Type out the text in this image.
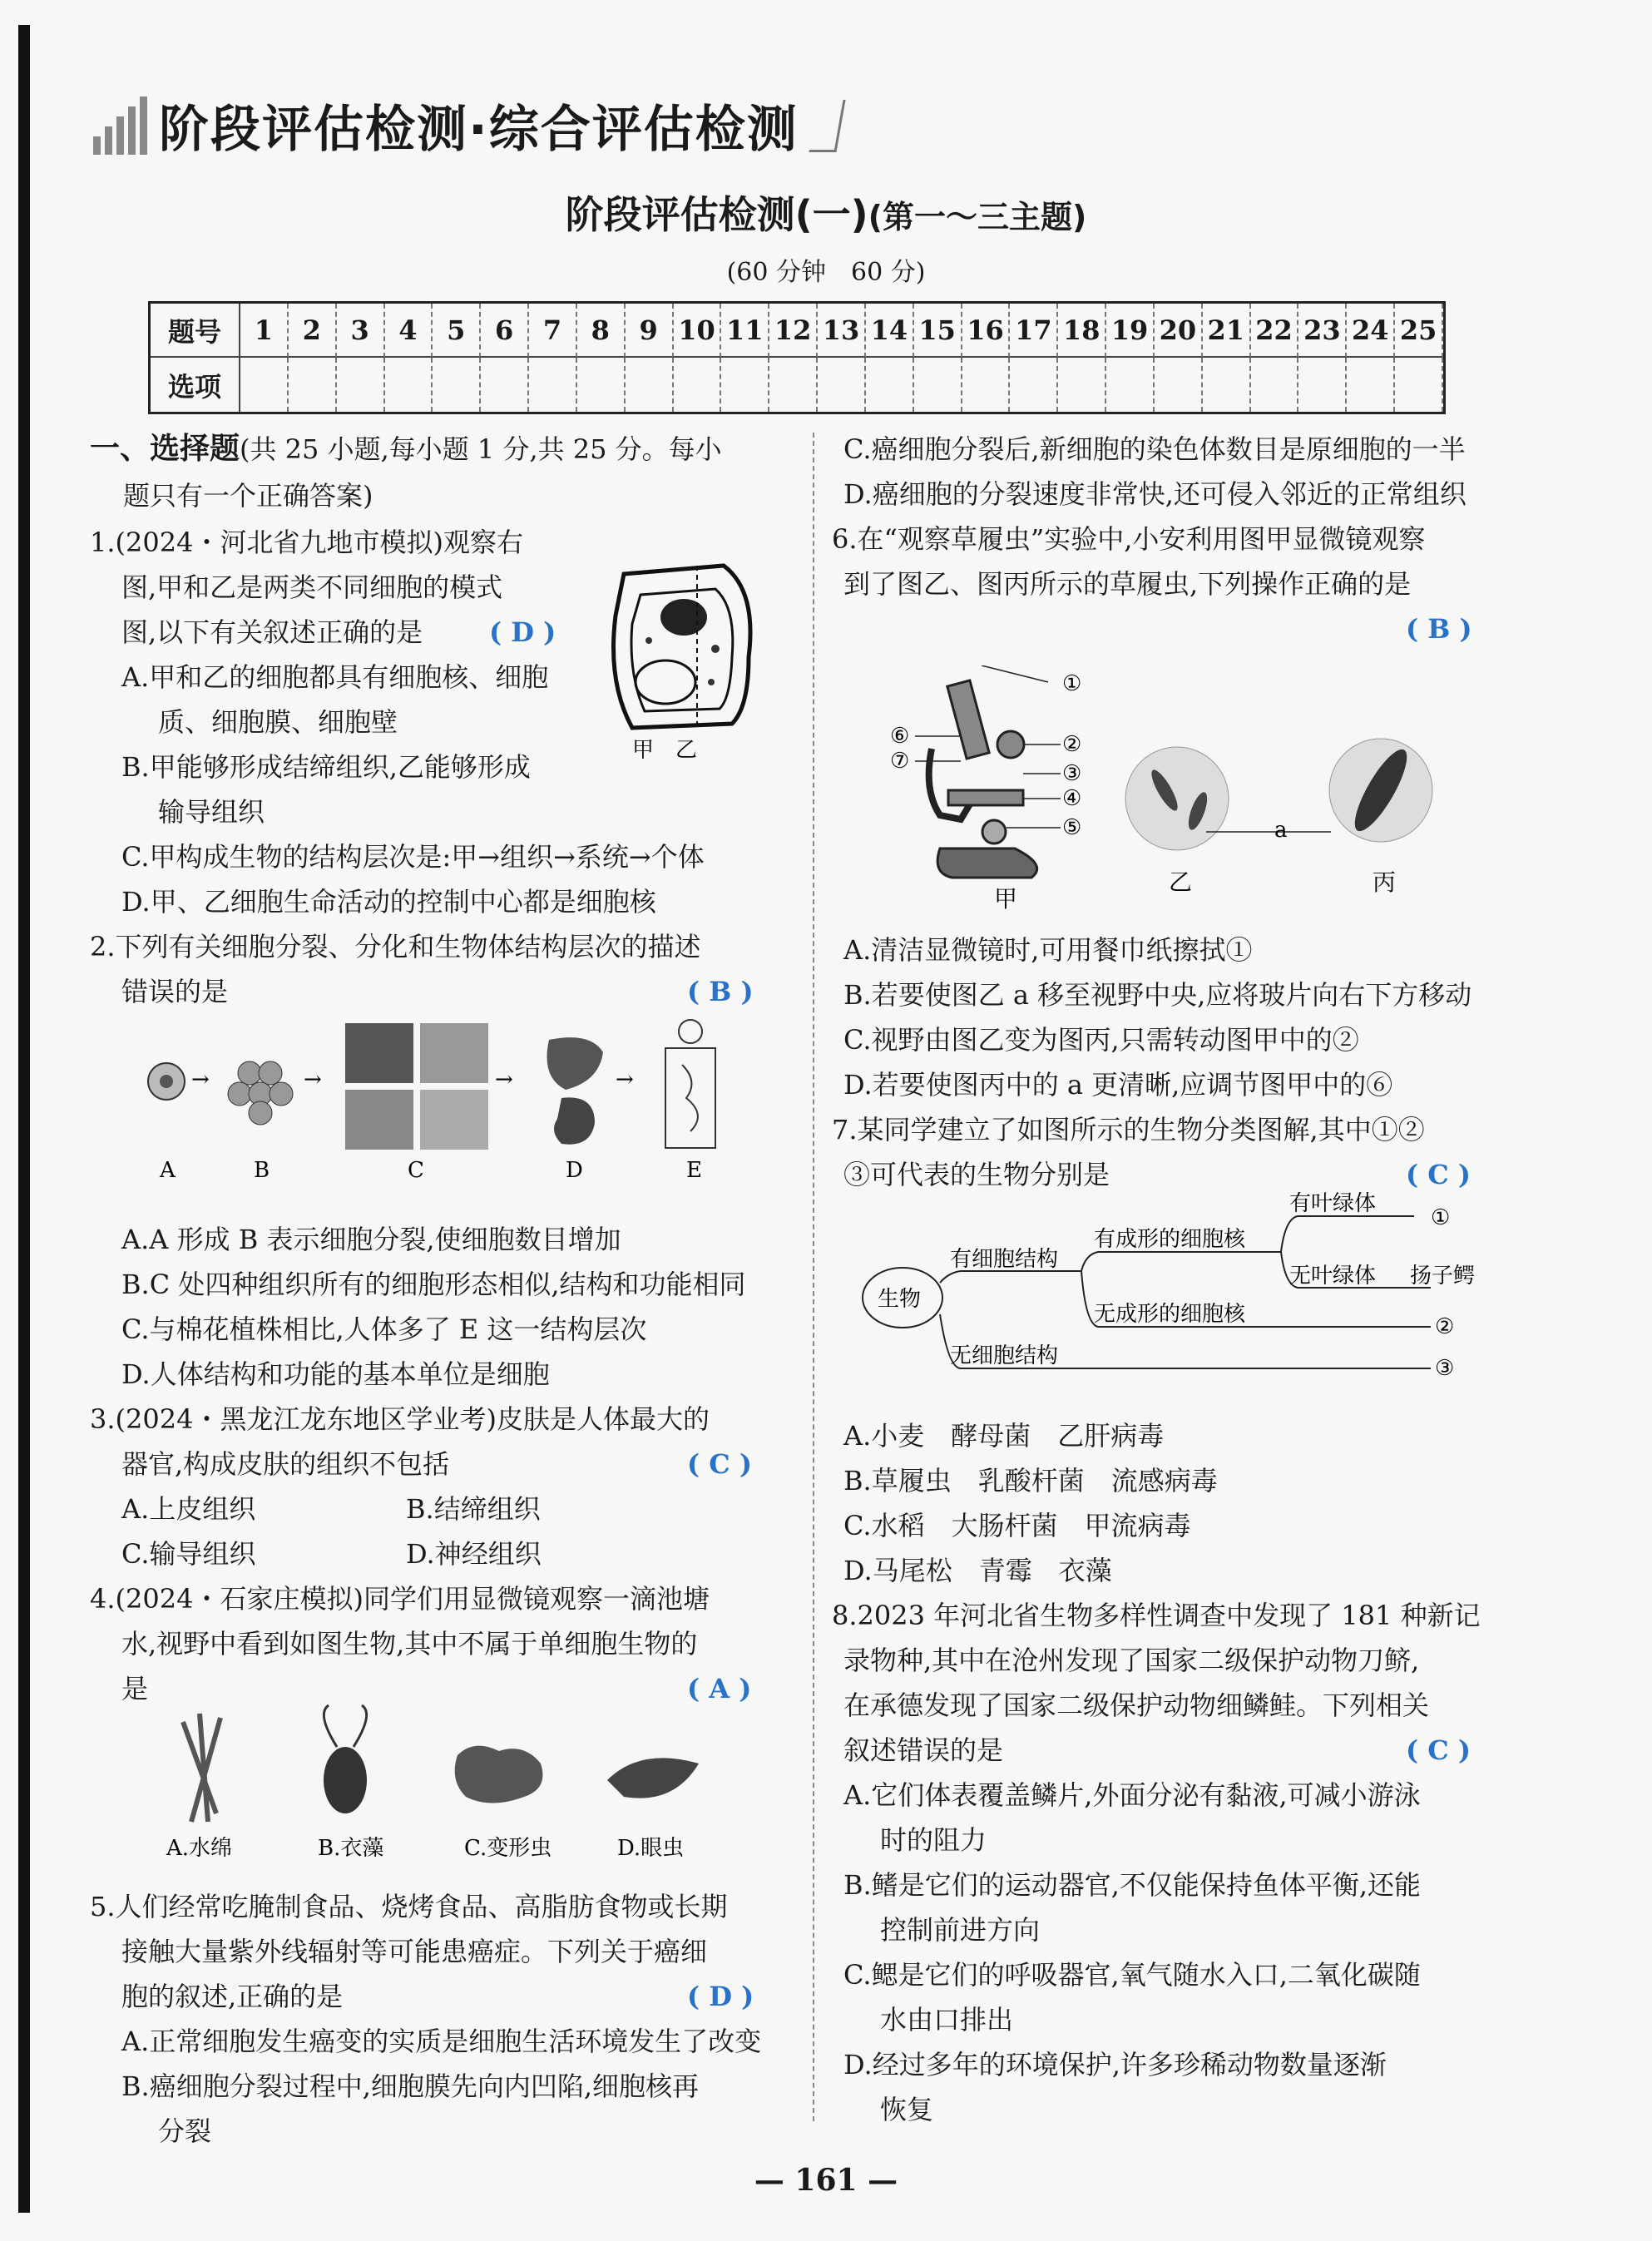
阶段评估检测·综合评估检测
阶段评估检测(一)(第一～三主题)
(60 分钟　60 分)
题号	1	2	3	4	5	6	7	8	9 10 11 12 13 14 15 16 17 18 19 20 21 22 23 24 25
选项
一、选择题(共 25 小题,每小题 1 分,共 25 分。每小
题只有一个正确答案)
1.(2024・河北省九地市模拟)观察右
图,甲和乙是两类不同细胞的模式
图,以下有关叙述正确的是 ( D )
A.甲和乙的细胞都具有细胞核、细胞
质、细胞膜、细胞壁
B.甲能够形成结缔组织,乙能够形成
输导组织
C.甲构成生物的结构层次是:甲→组织→系统→个体
D.甲、乙细胞生命活动的控制中心都是细胞核
2.下列有关细胞分裂、分化和生物体结构层次的描述
错误的是	( B )
A.A 形成 B 表示细胞分裂,使细胞数目增加
B.C 处四种组织所有的细胞形态相似,结构和功能相同
C.与棉花植株相比,人体多了 E 这一结构层次
D.人体结构和功能的基本单位是细胞
3.(2024・黑龙江龙东地区学业考)皮肤是人体最大的
器官,构成皮肤的组织不包括	( C )
A.上皮组织	B.结缔组织
C.输导组织	D.神经组织
4.(2024・石家庄模拟)同学们用显微镜观察一滴池塘
水,视野中看到如图生物,其中不属于单细胞生物的
是	( A )
5.人们经常吃腌制食品、烧烤食品、高脂肪食物或长期
接触大量紫外线辐射等可能患癌症。下列关于癌细
胞的叙述,正确的是	( D )
A.正常细胞发生癌变的实质是细胞生活环境发生了改变
B.癌细胞分裂过程中,细胞膜先向内凹陷,细胞核再
分裂
甲　乙
→	→	→	→
A	B	C	D	E
A.水绵	B.衣藻	C.变形虫	D.眼虫
C.癌细胞分裂后,新细胞的染色体数目是原细胞的一半
D.癌细胞的分裂速度非常快,还可侵入邻近的正常组织
6.在“观察草履虫”实验中,小安利用图甲显微镜观察
到了图乙、图丙所示的草履虫,下列操作正确的是
( B )
A.清洁显微镜时,可用餐巾纸擦拭①
B.若要使图乙 a 移至视野中央,应将玻片向右下方移动
C.视野由图乙变为图丙,只需转动图甲中的②
D.若要使图丙中的 a 更清晰,应调节图甲中的⑥
7.某同学建立了如图所示的生物分类图解,其中①②
③可代表的生物分别是	( C )
A.小麦　酵母菌　乙肝病毒
B.草履虫　乳酸杆菌　流感病毒
C.水稻　大肠杆菌　甲流病毒
D.马尾松　青霉　衣藻
8.2023 年河北省生物多样性调查中发现了 181 种新记
录物种,其中在沧州发现了国家二级保护动物刀鲚,
在承德发现了国家二级保护动物细鳞鲑。下列相关
叙述错误的是	( C )
A.它们体表覆盖鳞片,外面分泌有黏液,可减小游泳
时的阻力
B.鳍是它们的运动器官,不仅能保持鱼体平衡,还能
控制前进方向
C.鳃是它们的呼吸器官,氧气随水入口,二氧化碳随
水由口排出
D.经过多年的环境保护,许多珍稀动物数量逐渐
恢复
①
②
③
④
⑤
⑥
⑦
a
甲
乙	丙
生物
有细胞结构
无细胞结构
有成形的细胞核
无成形的细胞核
有叶绿体
无叶绿体 扬子鳄
①
②
③
— 161 —
